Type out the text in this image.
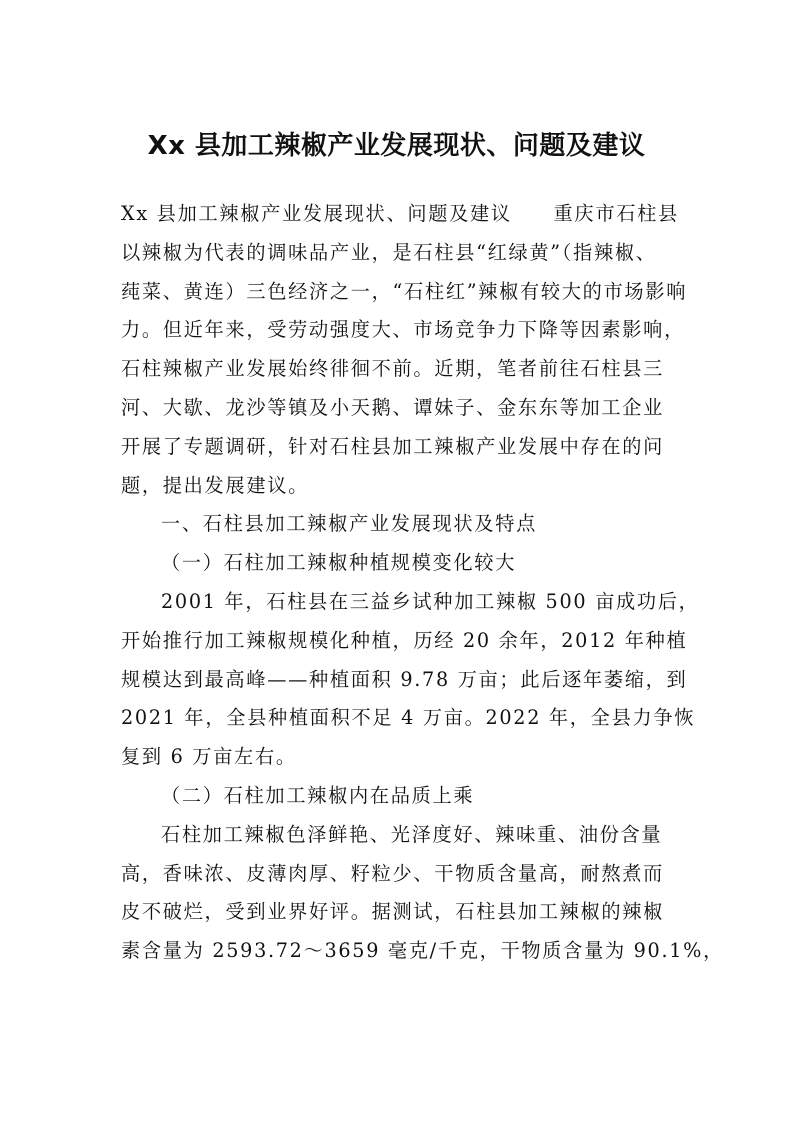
Xx 县加工辣椒产业发展现状、问题及建议
Xx 县加工辣椒产业发展现状、问题及建议　　重庆市石柱县
以辣椒为代表的调味品产业，是石柱县“红绿黄”（指辣椒、
莼菜、黄连）三色经济之一，“石柱红”辣椒有较大的市场影响
力。但近年来，受劳动强度大、市场竞争力下降等因素影响，
石柱辣椒产业发展始终徘徊不前。近期，笔者前往石柱县三
河、大歇、龙沙等镇及小天鹅、谭妹子、金东东等加工企业
开展了专题调研，针对石柱县加工辣椒产业发展中存在的问
题，提出发展建议。
一、石柱县加工辣椒产业发展现状及特点
（一）石柱加工辣椒种植规模变化较大
2001 年，石柱县在三益乡试种加工辣椒 500 亩成功后，
开始推行加工辣椒规模化种植，历经 20 余年，2012 年种植
规模达到最高峰——种植面积 9.78 万亩；此后逐年萎缩，到
2021 年，全县种植面积不足 4 万亩。2022 年，全县力争恢
复到 6 万亩左右。
（二）石柱加工辣椒内在品质上乘
石柱加工辣椒色泽鲜艳、光泽度好、辣味重、油份含量
高，香味浓、皮薄肉厚、籽粒少、干物质含量高，耐熬煮而
皮不破烂，受到业界好评。据测试，石柱县加工辣椒的辣椒
素含量为 2593.72～3659 毫克/千克，干物质含量为 90.1%，
